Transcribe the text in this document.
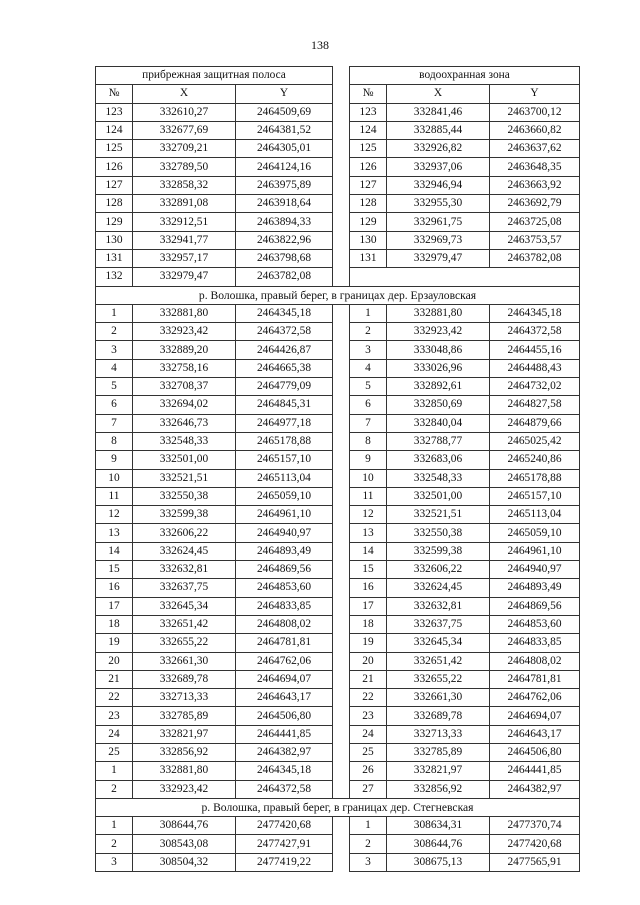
138
прибрежная защитная полоса				водоохранная зона		
№	X	Y		№	X	Y
123	332610,27	2464509,69		123	332841,46	2463700,12
124	332677,69	2464381,52		124	332885,44	2463660,82
125	332709,21	2464305,01		125	332926,82	2463637,62
126	332789,50	2464124,16		126	332937,06	2463648,35
127	332858,32	2463975,89		127	332946,94	2463663,92
128	332891,08	2463918,64		128	332955,30	2463692,79
129	332912,51	2463894,33		129	332961,75	2463725,08
130	332941,77	2463822,96		130	332969,73	2463753,57
131	332957,17	2463798,68		131	332979,47	2463782,08
132	332979,47	2463782,08				
р. Волошка, правый берег, в границах дер. Ерзауловская						
1	332881,80	2464345,18		1	332881,80	2464345,18
2	332923,42	2464372,58		2	332923,42	2464372,58
3	332889,20	2464426,87		3	333048,86	2464455,16
4	332758,16	2464665,38		4	333026,96	2464488,43
5	332708,37	2464779,09		5	332892,61	2464732,02
6	332694,02	2464845,31		6	332850,69	2464827,58
7	332646,73	2464977,18		7	332840,04	2464879,66
8	332548,33	2465178,88		8	332788,77	2465025,42
9	332501,00	2465157,10		9	332683,06	2465240,86
10	332521,51	2465113,04		10	332548,33	2465178,88
11	332550,38	2465059,10		11	332501,00	2465157,10
12	332599,38	2464961,10		12	332521,51	2465113,04
13	332606,22	2464940,97		13	332550,38	2465059,10
14	332624,45	2464893,49		14	332599,38	2464961,10
15	332632,81	2464869,56		15	332606,22	2464940,97
16	332637,75	2464853,60		16	332624,45	2464893,49
17	332645,34	2464833,85		17	332632,81	2464869,56
18	332651,42	2464808,02		18	332637,75	2464853,60
19	332655,22	2464781,81		19	332645,34	2464833,85
20	332661,30	2464762,06		20	332651,42	2464808,02
21	332689,78	2464694,07		21	332655,22	2464781,81
22	332713,33	2464643,17		22	332661,30	2464762,06
23	332785,89	2464506,80		23	332689,78	2464694,07
24	332821,97	2464441,85		24	332713,33	2464643,17
25	332856,92	2464382,97		25	332785,89	2464506,80
1	332881,80	2464345,18		26	332821,97	2464441,85
2	332923,42	2464372,58		27	332856,92	2464382,97
р. Волошка, правый берег, в границах дер. Стегневская						
1	308644,76	2477420,68		1	308634,31	2477370,74
2	308543,08	2477427,91		2	308644,76	2477420,68
3	308504,32	2477419,22		3	308675,13	2477565,91
